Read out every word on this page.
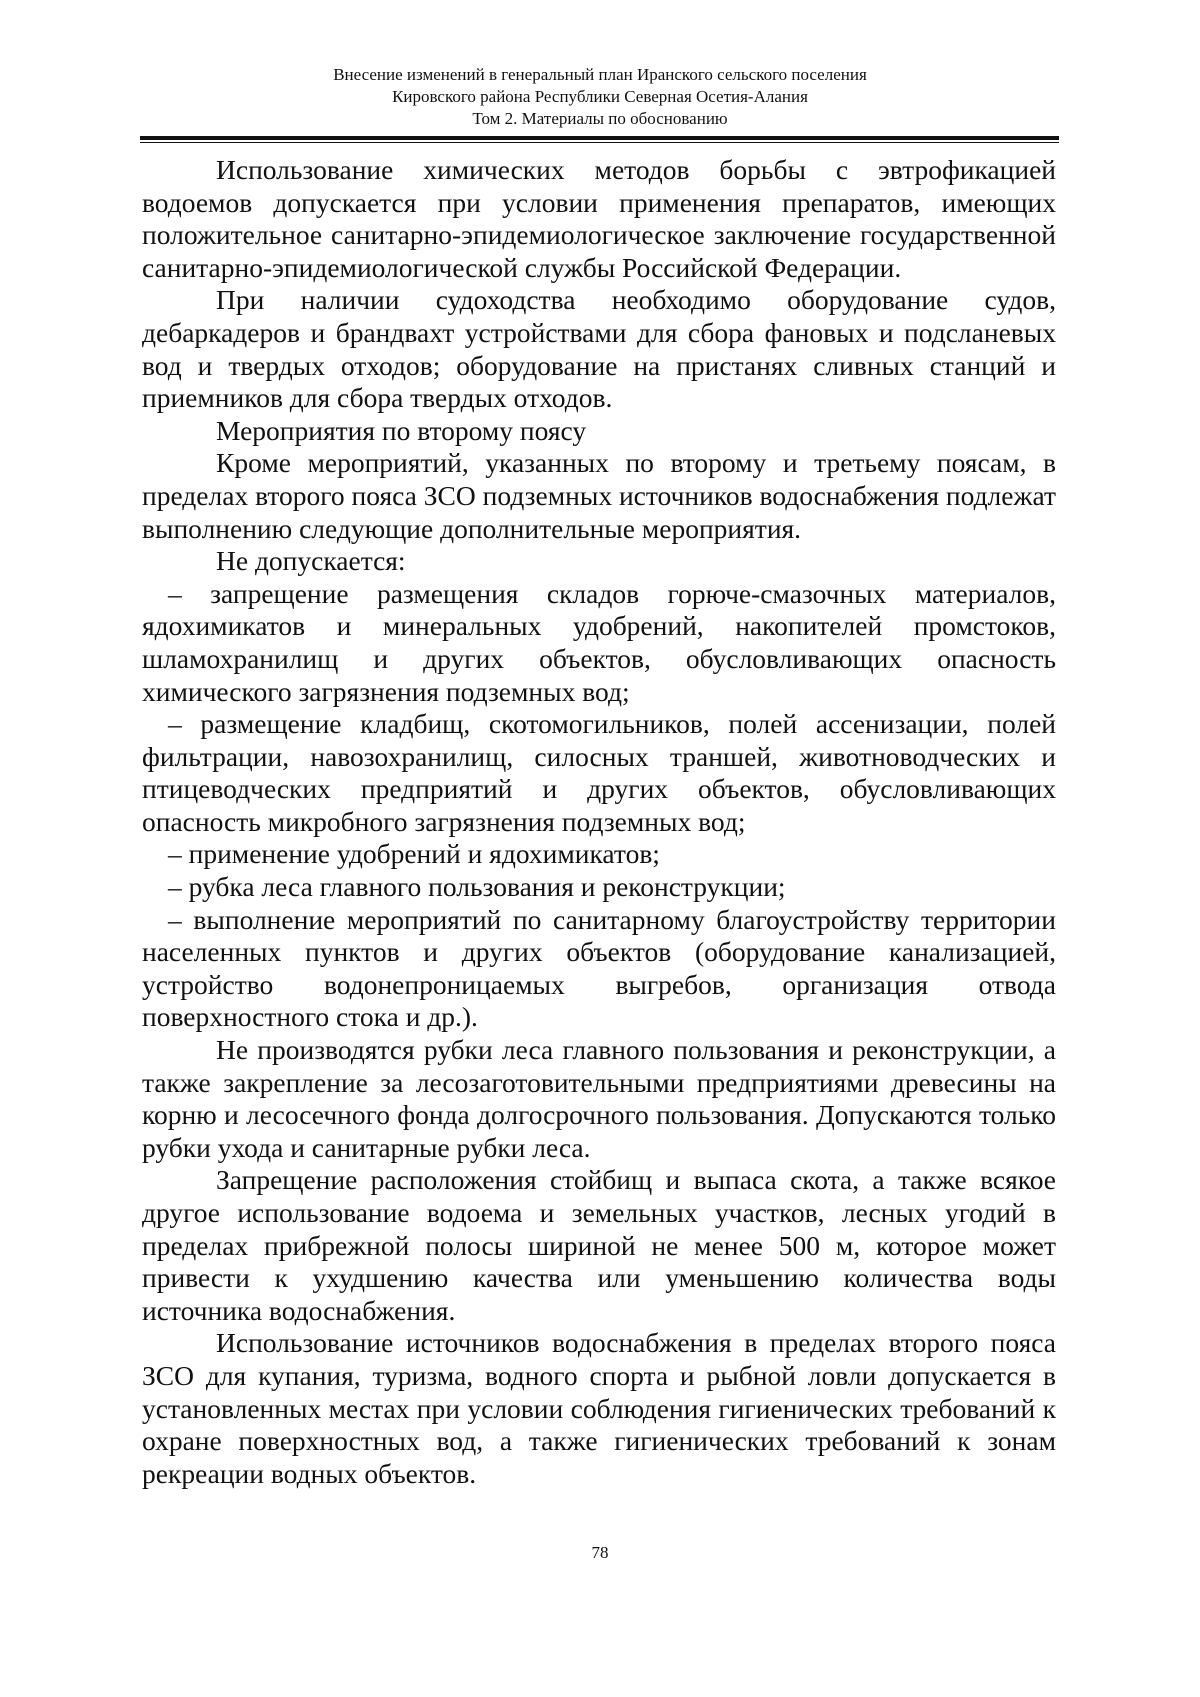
Внесение изменений в генеральный план Иранского сельского поселения
Кировского района Республики Северная Осетия-Алания
Том 2. Материалы по обоснованию

Использование химических методов борьбы с эвтрофикацией водоемов допускается при условии применения препаратов, имеющих положительное санитарно-эпидемиологическое заключение государственной санитарно-эпидемиологической службы Российской Федерации.

При наличии судоходства необходимо оборудование судов, дебаркадеров и брандвахт устройствами для сбора фановых и подсланевых вод и твердых отходов; оборудование на пристанях сливных станций и приемников для сбора твердых отходов.

Мероприятия по второму поясу

Кроме мероприятий, указанных по второму и третьему поясам, в пределах второго пояса ЗСО подземных источников водоснабжения подлежат выполнению следующие дополнительные мероприятия.

Не допускается:

– запрещение размещения складов горюче-смазочных материалов, ядохимикатов и минеральных удобрений, накопителей промстоков, шламохранилищ и других объектов, обусловливающих опасность химического загрязнения подземных вод;

– размещение кладбищ, скотомогильников, полей ассенизации, полей фильтрации, навозохранилищ, силосных траншей, животноводческих и птицеводческих предприятий и других объектов, обусловливающих опасность микробного загрязнения подземных вод;

– применение удобрений и ядохимикатов;

– рубка леса главного пользования и реконструкции;

– выполнение мероприятий по санитарному благоустройству территории населенных пунктов и других объектов (оборудование канализацией, устройство водонепроницаемых выгребов, организация отвода поверхностного стока и др.).

Не производятся рубки леса главного пользования и реконструкции, а также закрепление за лесозаготовительными предприятиями древесины на корню и лесосечного фонда долгосрочного пользования. Допускаются только рубки ухода и санитарные рубки леса.

Запрещение расположения стойбищ и выпаса скота, а также всякое другое использование водоема и земельных участков, лесных угодий в пределах прибрежной полосы шириной не менее 500 м, которое может привести к ухудшению качества или уменьшению количества воды источника водоснабжения.

Использование источников водоснабжения в пределах второго пояса ЗСО для купания, туризма, водного спорта и рыбной ловли допускается в установленных местах при условии соблюдения гигиенических требований к охране поверхностных вод, а также гигиенических требований к зонам рекреации водных объектов.

78
